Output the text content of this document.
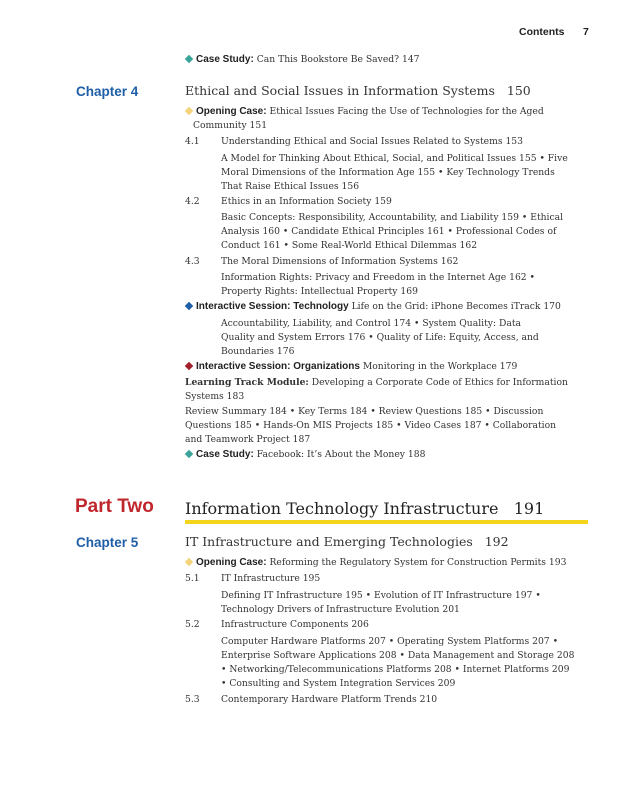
Contents 7
Case Study: Can This Bookstore Be Saved? 147
Chapter 4	Ethical and Social Issues in Information Systems 150
Opening Case: Ethical Issues Facing the Use of Technologies for the Aged
Community 151
4.1 Understanding Ethical and Social Issues Related to Systems 153
A Model for Thinking About Ethical, Social, and Political Issues 155 • Five
Moral Dimensions of the Information Age 155 • Key Technology Trends
That Raise Ethical Issues 156
4.2 Ethics in an Information Society 159
Basic Concepts: Responsibility, Accountability, and Liability 159 • Ethical
Analysis 160 • Candidate Ethical Principles 161 • Professional Codes of
Conduct 161 • Some Real-World Ethical Dilemmas 162
4.3 The Moral Dimensions of Information Systems 162
Information Rights: Privacy and Freedom in the Internet Age 162 •
Property Rights: Intellectual Property 169
Interactive Session: Technology Life on the Grid: iPhone Becomes iTrack 170
Accountability, Liability, and Control 174 • System Quality: Data
Quality and System Errors 176 • Quality of Life: Equity, Access, and
Boundaries 176
Interactive Session: Organizations Monitoring in the Workplace 179
Learning Track Module: Developing a Corporate Code of Ethics for Information
Systems 183
Review Summary 184 • Key Terms 184 • Review Questions 185 • Discussion
Questions 185 • Hands-On MIS Projects 185 • Video Cases 187 • Collaboration
and Teamwork Project 187
Case Study: Facebook: It’s About the Money 188
Part Two Information Technology Infrastructure 191
Chapter 5	IT Infrastructure and Emerging Technologies 192
Opening Case: Reforming the Regulatory System for Construction Permits 193
5.1 IT Infrastructure 195
Defining IT Infrastructure 195 • Evolution of IT Infrastructure 197 •
Technology Drivers of Infrastructure Evolution 201
5.2 Infrastructure Components 206
Computer Hardware Platforms 207 • Operating System Platforms 207 •
Enterprise Software Applications 208 • Data Management and Storage 208
• Networking/Telecommunications Platforms 208 • Internet Platforms 209
• Consulting and System Integration Services 209
5.3 Contemporary Hardware Platform Trends 210
